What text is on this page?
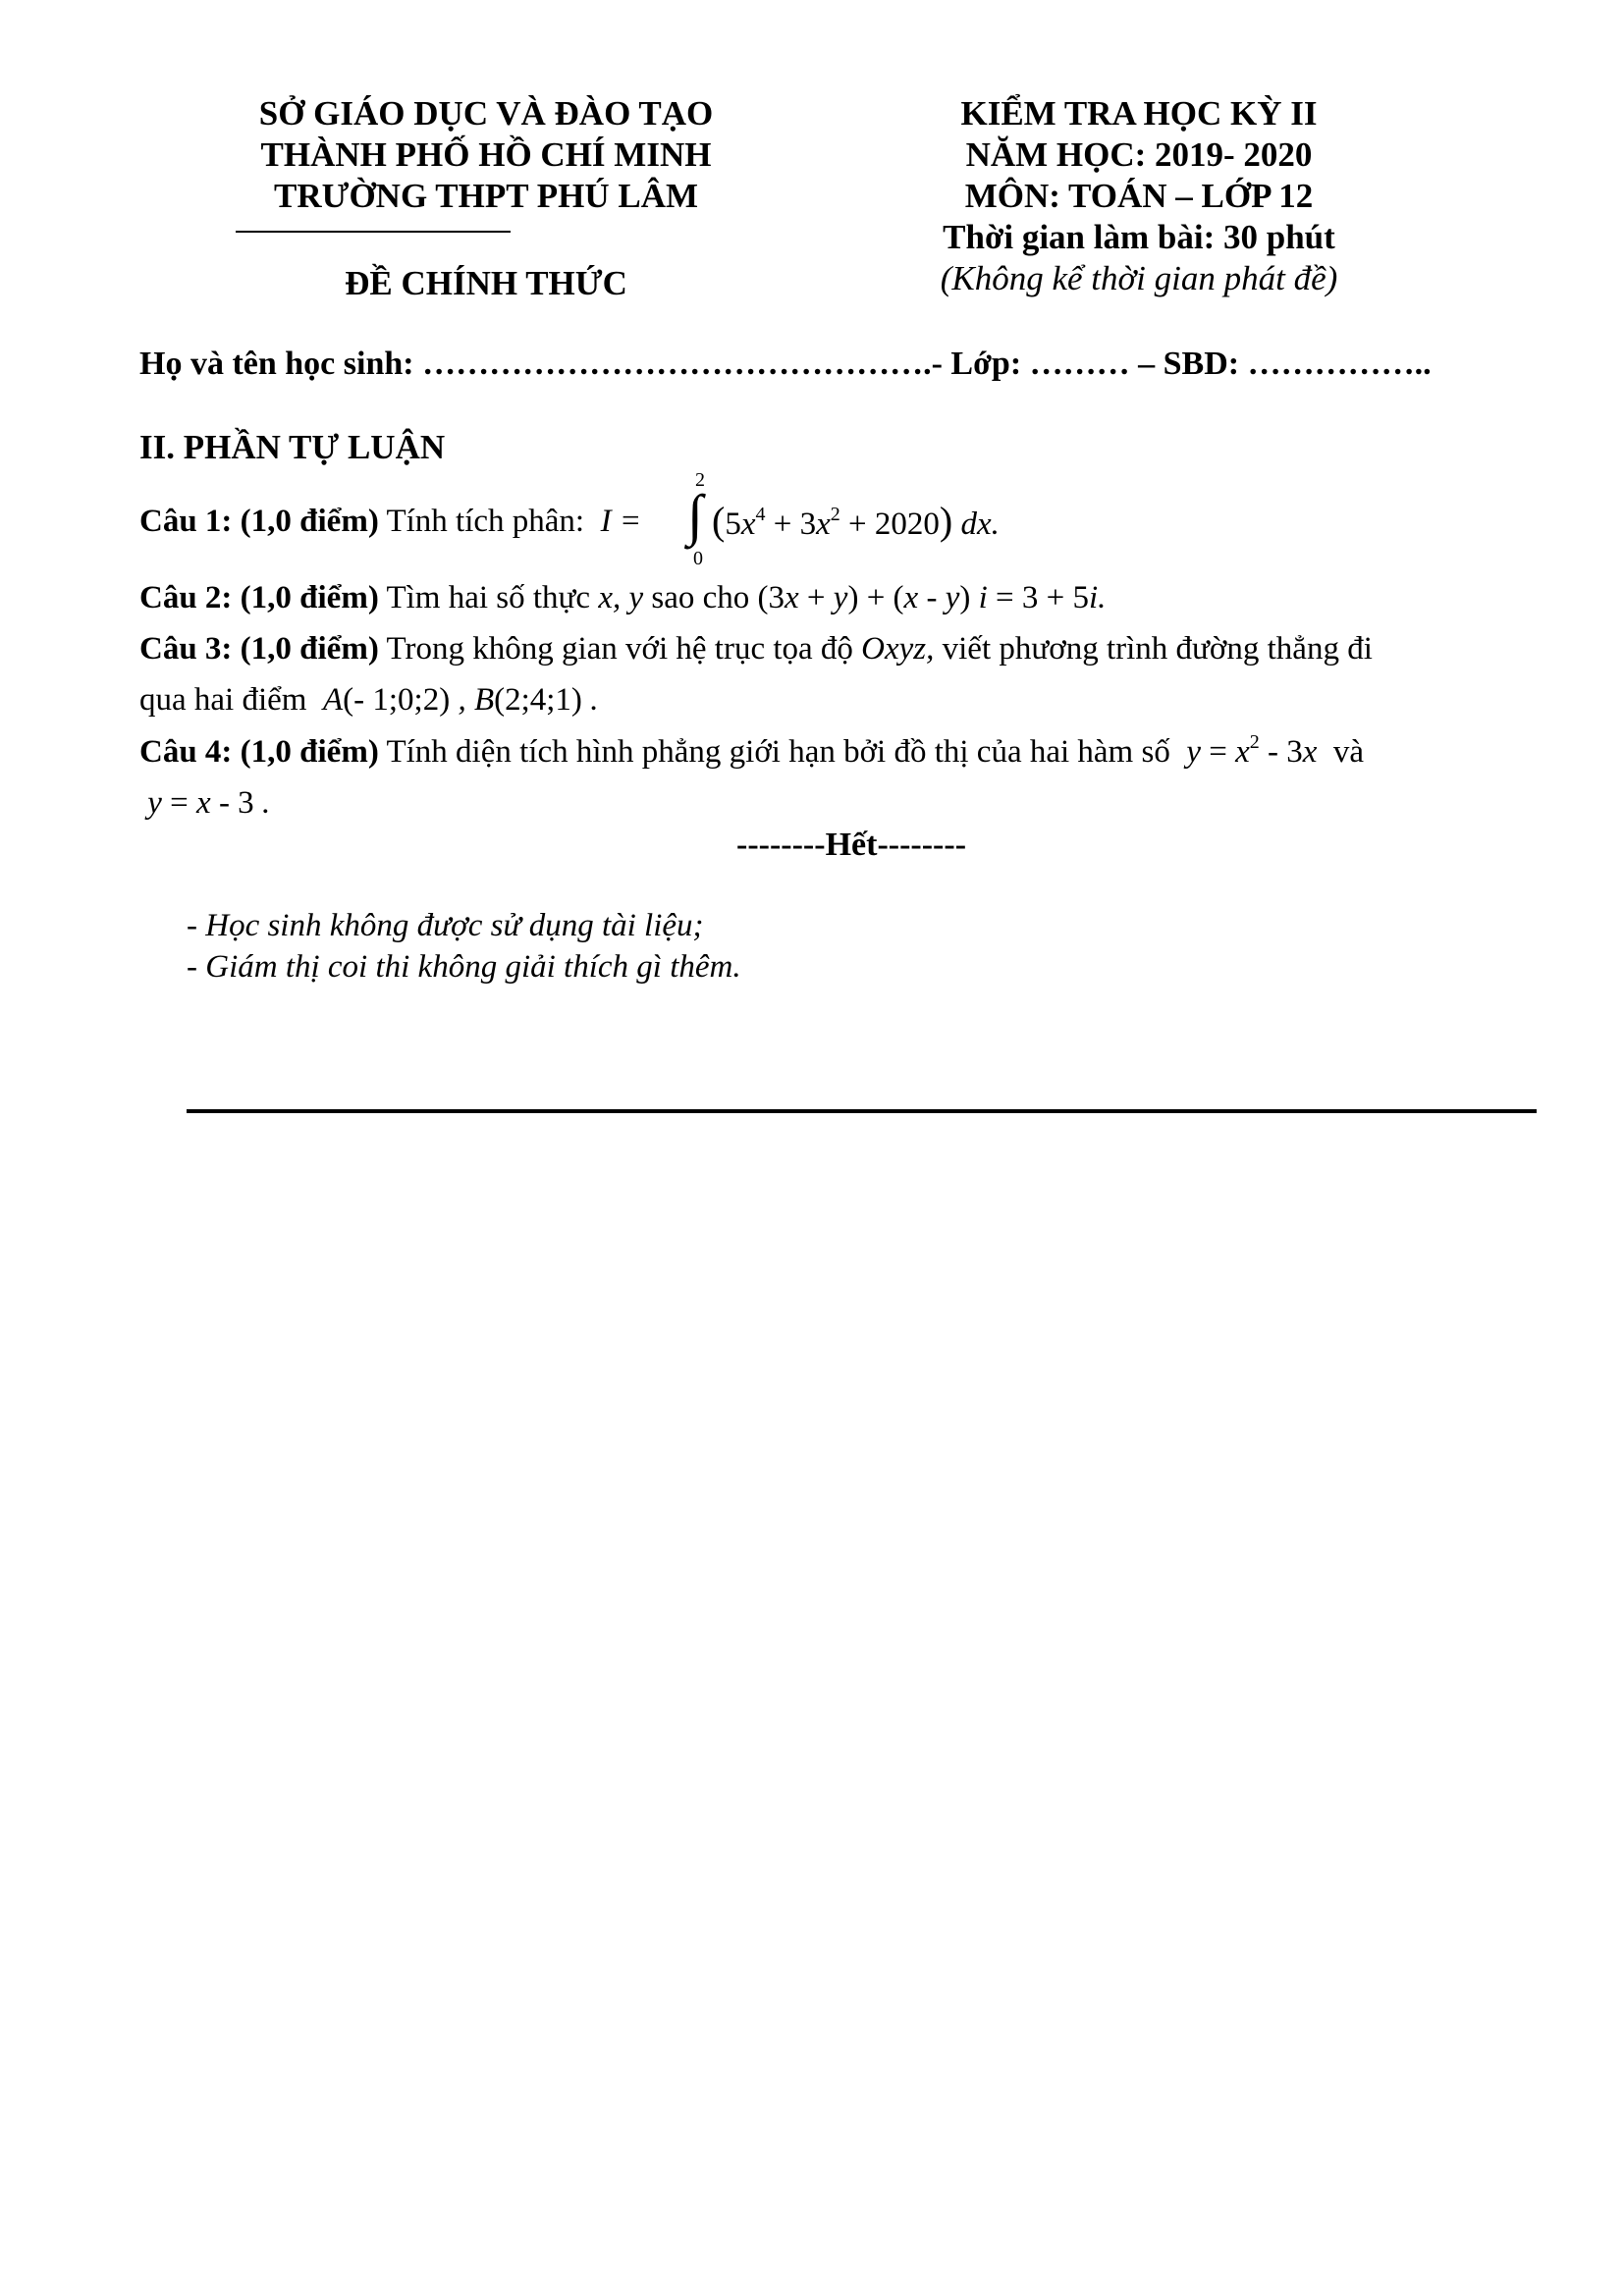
SỞ GIÁO DỤC VÀ ĐÀO TẠO
THÀNH PHỐ HỒ CHÍ MINH
TRƯỜNG THPT PHÚ LÂM
ĐỀ CHÍNH THỨC
KIỂM TRA HỌC KỲ II
NĂM HỌC: 2019- 2020
MÔN: TOÁN – LỚP 12
Thời gian làm bài: 30 phút
(Không kể thời gian phát đề)
Họ và tên học sinh: ……………………………………….- Lớp: ……… – SBD: ……………..
II. PHẦN TỰ LUẬN
Câu 1: (1,0 điểm) Tính tích phân:  I =
2
∫
0
$(5x^4 + 3x^2 + 2020)$ dx.
Câu 2: (1,0 điểm) Tìm hai số thực x, y sao cho (3x + y) + (x - y) i = 3 + 5i.
Câu 3: (1,0 điểm) Trong không gian với hệ trục tọa độ Oxyz, viết phương trình đường thẳng đi
qua hai điểm  A(- 1;0;2) , B(2;4;1) .
Câu 4: (1,0 điểm) Tính diện tích hình phẳng giới hạn bởi đồ thị của hai hàm số  $y = x^2 - 3x$  và
y = x - 3 .
--------Hết--------
- Học sinh không được sử dụng tài liệu;
- Giám thị coi thi không giải thích gì thêm.
